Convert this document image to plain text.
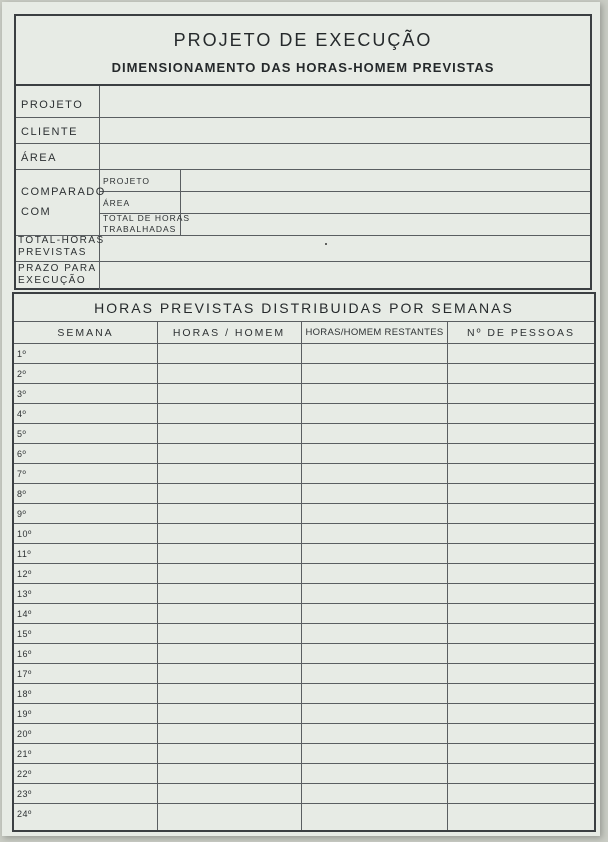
PROJETO DE EXECUÇÃO
DIMENSIONAMENTO DAS HORAS-HOMEM PREVISTAS
PROJETO
CLIENTE
ÁREA
COMPARADO
COM
PROJETO
ÁREA
TOTAL DE HORAS
TRABALHADAS
TOTAL-HORAS
PREVISTAS
PRAZO PARA
EXECUÇÃO
HORAS PREVISTAS DISTRIBUIDAS POR SEMANAS
SEMANA	HORAS / HOMEM	HORAS/HOMEM RESTANTES	Nº DE PESSOAS
1º
2º
3º
4º
5º
6º
7º
8º
9º
10º
11º
12º
13º
14º
15º
16º
17º
18º
19º
20º
21º
22º
23º
24º
